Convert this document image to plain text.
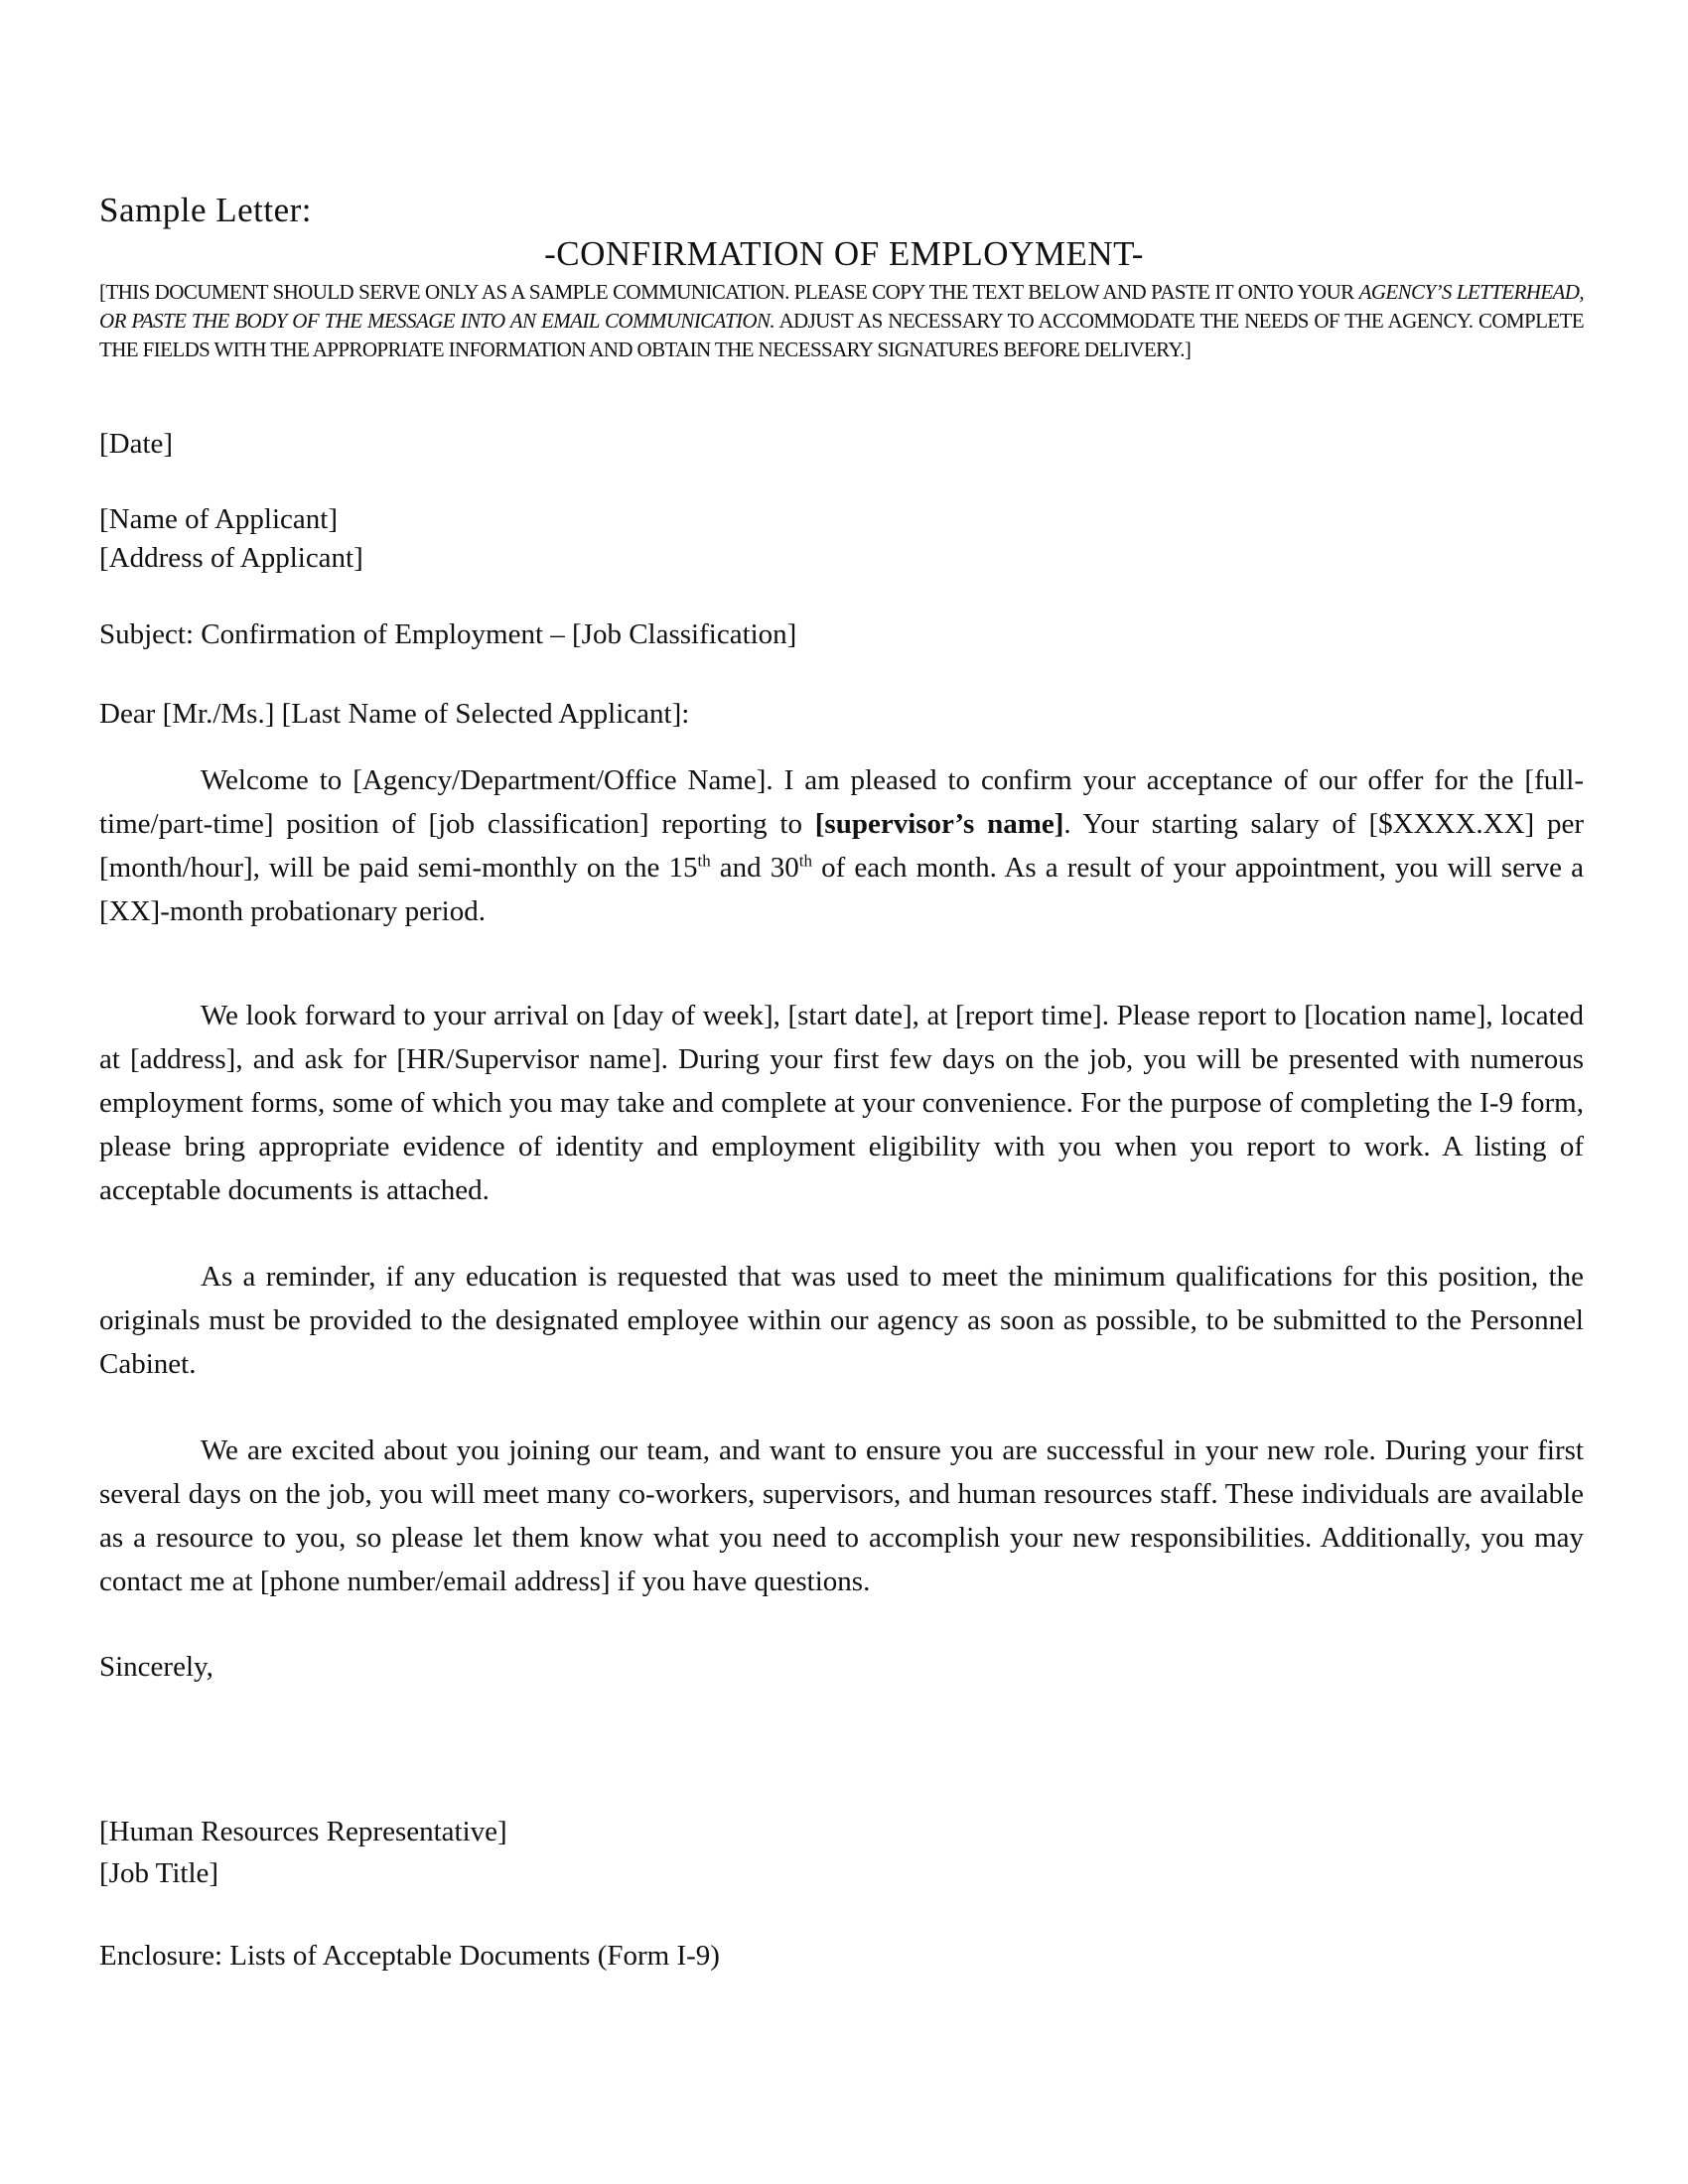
Sample Letter:
-CONFIRMATION OF EMPLOYMENT-
[THIS DOCUMENT SHOULD SERVE ONLY AS A SAMPLE COMMUNICATION. PLEASE COPY THE TEXT BELOW AND PASTE IT ONTO YOUR AGENCY’S LETTERHEAD, OR PASTE THE BODY OF THE MESSAGE INTO AN EMAIL COMMUNICATION. ADJUST AS NECESSARY TO ACCOMMODATE THE NEEDS OF THE AGENCY. COMPLETE THE FIELDS WITH THE APPROPRIATE INFORMATION AND OBTAIN THE NECESSARY SIGNATURES BEFORE DELIVERY.]
[Date]
[Name of Applicant]
[Address of Applicant]
Subject: Confirmation of Employment – [Job Classification]
Dear [Mr./Ms.] [Last Name of Selected Applicant]:

Welcome to [Agency/Department/Office Name]. I am pleased to confirm your acceptance of our offer for the [full-time/part-time] position of [job classification] reporting to [supervisor’s name]. Your starting salary of [$XXXX.XX] per [month/hour], will be paid semi-monthly on the 15th and 30th of each month. As a result of your appointment, you will serve a [XX]-month probationary period.

We look forward to your arrival on [day of week], [start date], at [report time]. Please report to [location name], located at [address], and ask for [HR/Supervisor name]. During your first few days on the job, you will be presented with numerous employment forms, some of which you may take and complete at your convenience. For the purpose of completing the I-9 form, please bring appropriate evidence of identity and employment eligibility with you when you report to work. A listing of acceptable documents is attached.

As a reminder, if any education is requested that was used to meet the minimum qualifications for this position, the originals must be provided to the designated employee within our agency as soon as possible, to be submitted to the Personnel Cabinet.

We are excited about you joining our team, and want to ensure you are successful in your new role. During your first several days on the job, you will meet many co-workers, supervisors, and human resources staff. These individuals are available as a resource to you, so please let them know what you need to accomplish your new responsibilities. Additionally, you may contact me at [phone number/email address] if you have questions.

Sincerely,
[Human Resources Representative]
[Job Title]
Enclosure: Lists of Acceptable Documents (Form I-9)
